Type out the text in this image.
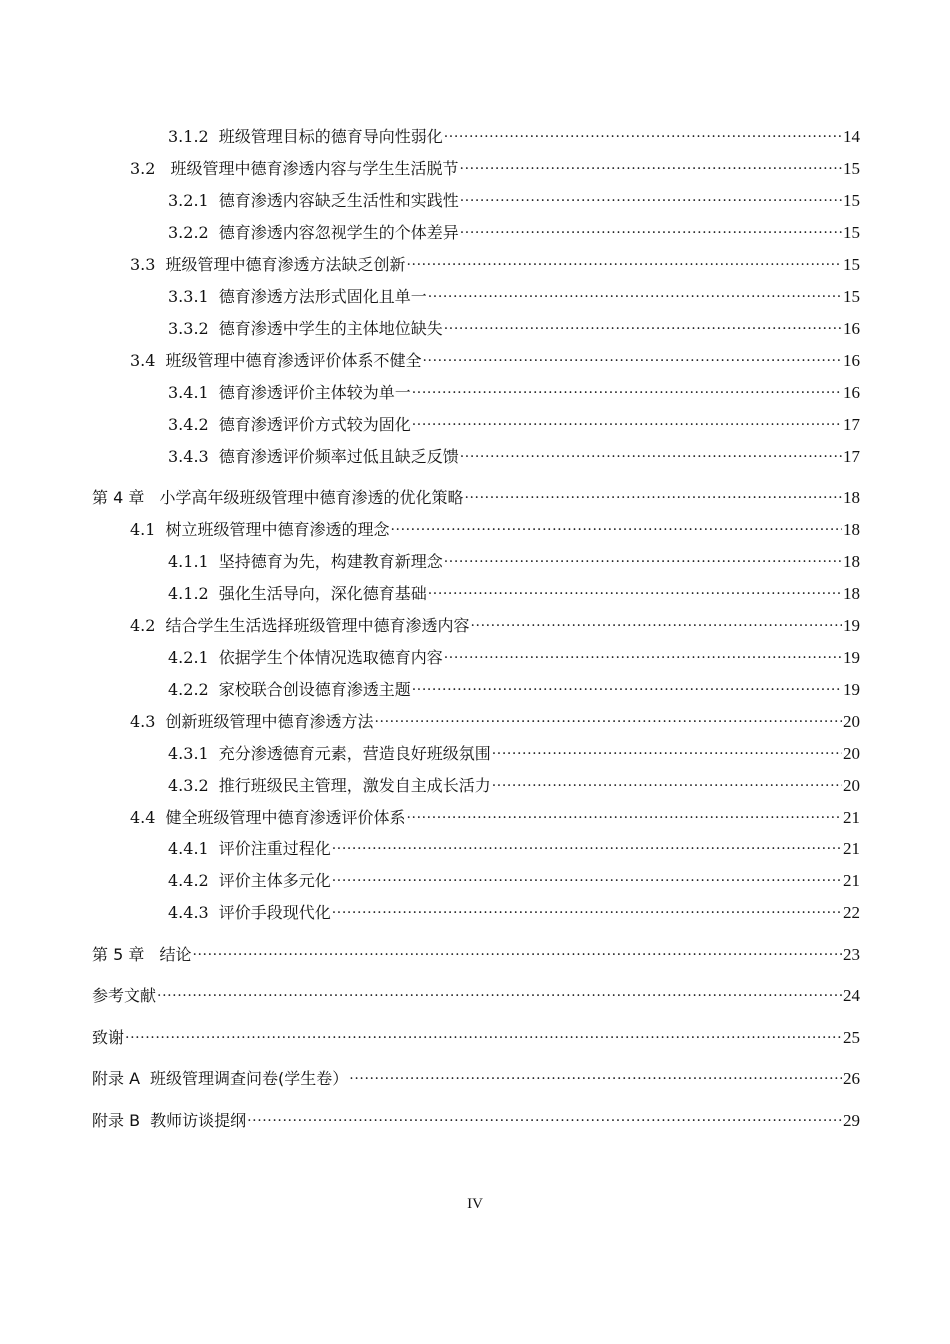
3.1.2 班级管理目标的德育导向性弱化 .....	14
3.2 班级管理中德育渗透内容与学生生活脱节 .....	15
3.2.1 德育渗透内容缺乏生活性和实践性 .....	15
3.2.2 德育渗透内容忽视学生的个体差异 .....	15
3.3 班级管理中德育渗透方法缺乏创新 .....	15
3.3.1 德育渗透方法形式固化且单一 .....	15
3.3.2 德育渗透中学生的主体地位缺失 .....	16
3.4 班级管理中德育渗透评价体系不健全 .....	16
3.4.1 德育渗透评价主体较为单一 .....	16
3.4.2 德育渗透评价方式较为固化 .....	17
3.4.3 德育渗透评价频率过低且缺乏反馈 .....	17
第 4 章 小学高年级班级管理中德育渗透的优化策略 .....	18
4.1 树立班级管理中德育渗透的理念 .....	18
4.1.1 坚持德育为先，构建教育新理念 .....	18
4.1.2 强化生活导向，深化德育基础 .....	18
4.2 结合学生生活选择班级管理中德育渗透内容 .....	19
4.2.1 依据学生个体情况选取德育内容 .....	19
4.2.2 家校联合创设德育渗透主题 .....	19
4.3 创新班级管理中德育渗透方法 .....	20
4.3.1 充分渗透德育元素，营造良好班级氛围 .....	20
4.3.2 推行班级民主管理，激发自主成长活力 .....	20
4.4 健全班级管理中德育渗透评价体系 .....	21
4.4.1 评价注重过程化 .....	21
4.4.2 评价主体多元化 .....	21
4.4.3 评价手段现代化 .....	22
第 5 章 结论 .....	23
参考文献 .....	24
致谢 .....	25
附录 A 班级管理调查问卷(学生卷） .....	26
附录 B 教师访谈提纲 .....	29
IV
